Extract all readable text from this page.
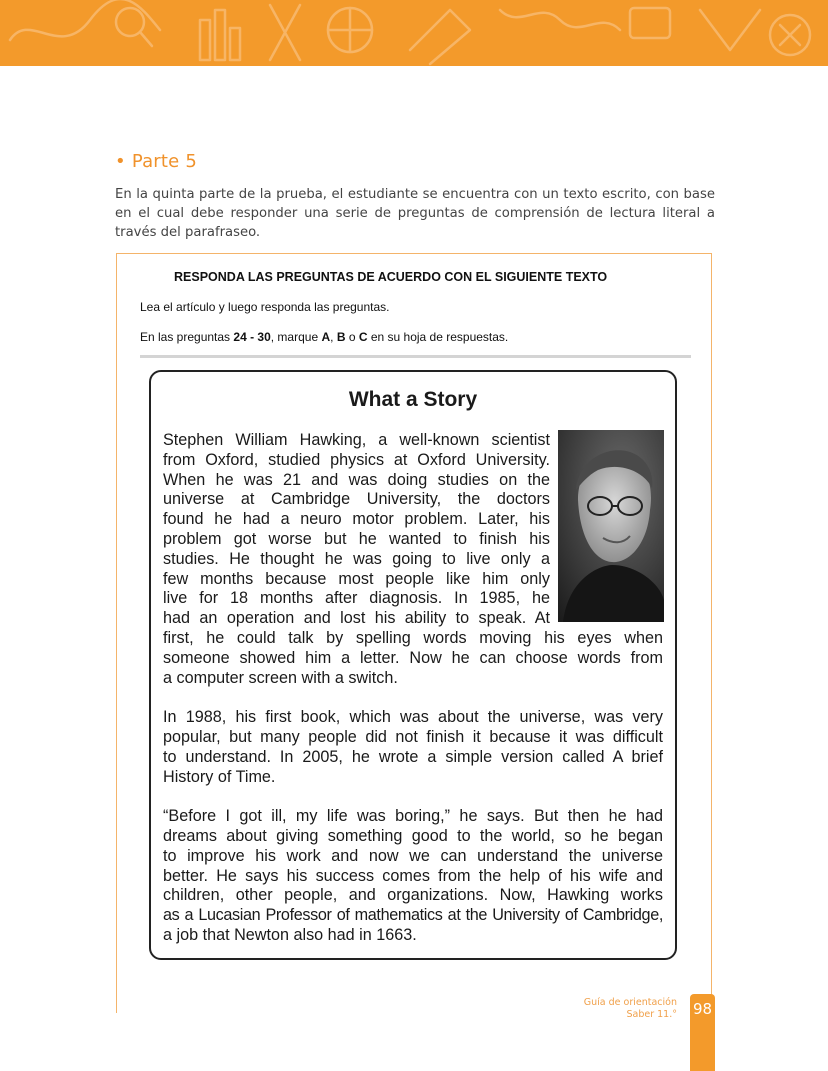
• Parte 5
En la quinta parte de la prueba, el estudiante se encuentra con un texto escrito, con base en el cual debe responder una serie de preguntas de comprensión de lectura literal a través del parafraseo.
RESPONDA LAS PREGUNTAS DE ACUERDO CON EL SIGUIENTE TEXTO
Lea el artículo y luego responda las preguntas.
En las preguntas 24 - 30, marque A, B o C en su hoja de respuestas.
What a Story
Stephen William Hawking, a well-known scientist
from Oxford, studied physics at Oxford University.
When he was 21 and was doing studies on the
universe at Cambridge University, the doctors
found he had a neuro motor problem. Later, his
problem got worse but he wanted to finish his
studies. He thought he was going to live only a
few months because most people like him only
live for 18 months after diagnosis. In 1985, he
had an operation and lost his ability to speak. At
first, he could talk by spelling words moving his eyes when
someone showed him a letter. Now he can choose words from
a computer screen with a switch.
In 1988, his first book, which was about the universe, was very
popular, but many people did not finish it because it was difficult
to understand. In 2005, he wrote a simple version called A brief
History of Time.
“Before I got ill, my life was boring,” he says. But then he had
dreams about giving something good to the world, so he began
to improve his work and now we can understand the universe
better. He says his success comes from the help of his wife and
children, other people, and organizations. Now, Hawking works
as a Lucasian Professor of mathematics at the University of Cambridge,
a job that Newton also had in 1663.
Guía de orientación
Saber 11.° 98
